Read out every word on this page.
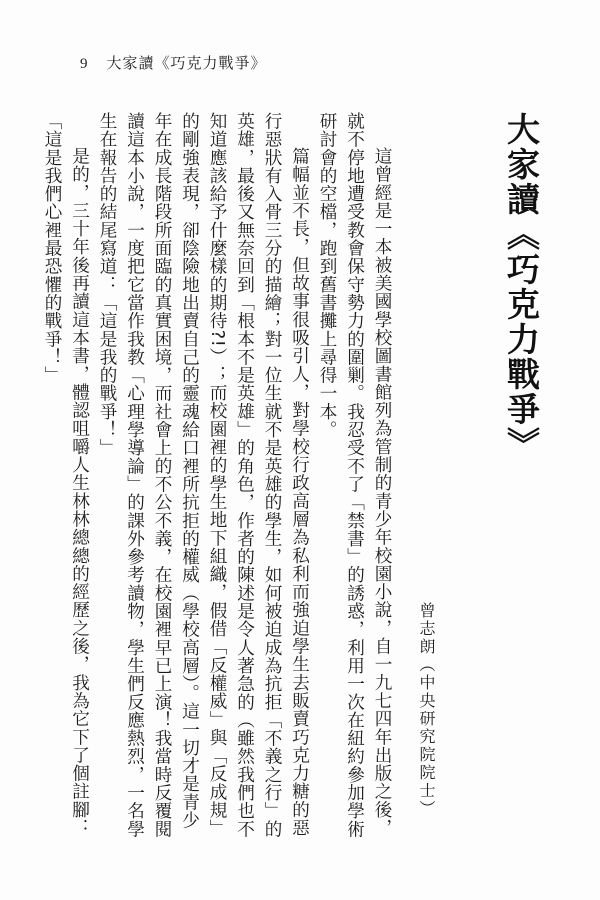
9 大家讀《巧克力戰爭》
大家讀《巧克力戰爭》
曾志朗（中央研究院院士）

這曾經是一本被美國學校圖書館列為管制的青少年校園小說，自一九七四年出版之後，就不停地遭受教會保守勢力的圍剿。我忍受不了「禁書」的誘惑，利用一次在紐約參加學術研討會的空檔，跑到舊書攤上尋得一本。

篇幅並不長，但故事很吸引人，對學校行政高層為私利而強迫學生去販賣巧克力糖的惡行惡狀有入骨三分的描繪；對一位生就不是英雄的學生，如何被迫成為抗拒「不義之行」的英雄，最後又無奈回到「根本不是英雄」的角色，作者的陳述是令人著急的（雖然我們也不知道應該給予什麼樣的期待?!）；而校園裡的學生地下組織，假借「反權威」與「反成規」的剛強表現，卻陰險地出賣自己的靈魂給口裡所抗拒的權威（學校高層）。這一切才是青少年在成長階段所面臨的真實困境，而社會上的不公不義，在校園裡早已上演！我當時反覆閱讀這本小說，一度把它當作我教「心理學導論」的課外參考讀物，學生們反應熱烈，一名學生在報告的結尾寫道：「這是我的戰爭！」

是的，三十年後再讀這本書，體認咀嚼人生林林總總的經歷之後，我為它下了個註腳：「這是我們心裡最恐懼的戰爭！」
